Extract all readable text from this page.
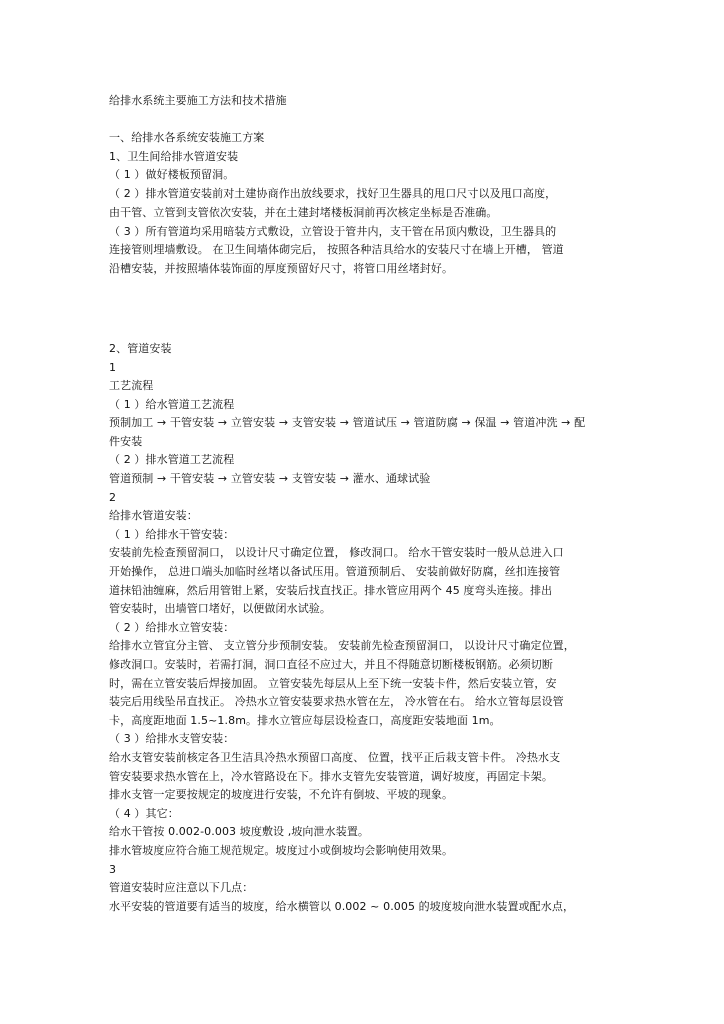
给排水系统主要施工方法和技术措施
一、给排水各系统安装施工方案
1、卫生间给排水管道安装
（ 1 ）做好楼板预留洞。
（ 2 ）排水管道安装前对土建协商作出放线要求，找好卫生器具的甩口尺寸以及甩口高度，
由干管、立管到支管依次安装，并在土建封堵楼板洞前再次核定坐标是否准确。
（ 3 ）所有管道均采用暗装方式敷设，立管设于管井内，支干管在吊顶内敷设，卫生器具的
连接管则埋墙敷设。 在卫生间墙体砌完后， 按照各种洁具给水的安装尺寸在墙上开槽， 管道
沿槽安装，并按照墙体装饰面的厚度预留好尺寸，将管口用丝堵封好。
2、管道安装
1
工艺流程
（ 1 ）给水管道工艺流程
预制加工 → 干管安装 → 立管安装 → 支管安装 → 管道试压 → 管道防腐 → 保温 → 管道冲洗 → 配
件安装
（ 2 ）排水管道工艺流程
管道预制 → 干管安装 → 立管安装 → 支管安装 → 灌水、通球试验
2
给排水管道安装：
（ 1 ）给排水干管安装：
安装前先检查预留洞口， 以设计尺寸确定位置， 修改洞口。 给水干管安装时一般从总进入口
开始操作， 总进口端头加临时丝堵以备试压用。管道预制后、 安装前做好防腐，丝扣连接管
道抹铅油缠麻，然后用管钳上紧，安装后找直找正。排水管应用两个 45 度弯头连接。排出
管安装时，出墙管口堵好，以便做闭水试验。
（ 2 ）给排水立管安装：
给排水立管宜分主管、 支立管分步预制安装。 安装前先检查预留洞口， 以设计尺寸确定位置，
修改洞口。安装时，若需打洞，洞口直径不应过大，并且不得随意切断楼板钢筋。必须切断
时，需在立管安装后焊接加固。 立管安装先每层从上至下统一安装卡件，然后安装立管，安
装完后用线坠吊直找正。 冷热水立管安装要求热水管在左， 冷水管在右。 给水立管每层设管
卡，高度距地面 1.5~1.8m。排水立管应每层设检查口，高度距安装地面 1m。
（ 3 ）给排水支管安装：
给水支管安装前核定各卫生洁具冷热水预留口高度、 位置，找平正后栽支管卡件。 冷热水支
管安装要求热水管在上，冷水管路设在下。排水支管先安装管道，调好坡度，再固定卡架。
排水支管一定要按规定的坡度进行安装，不允许有倒坡、平坡的现象。
（ 4 ）其它：
给水干管按 0.002-0.003 坡度敷设 ,坡向泄水装置。
排水管坡度应符合施工规范规定。坡度过小或倒坡均会影响使用效果。
3
管道安装时应注意以下几点：
水平安装的管道要有适当的坡度，给水横管以 0.002 ~ 0.005 的坡度坡向泄水装置或配水点，
